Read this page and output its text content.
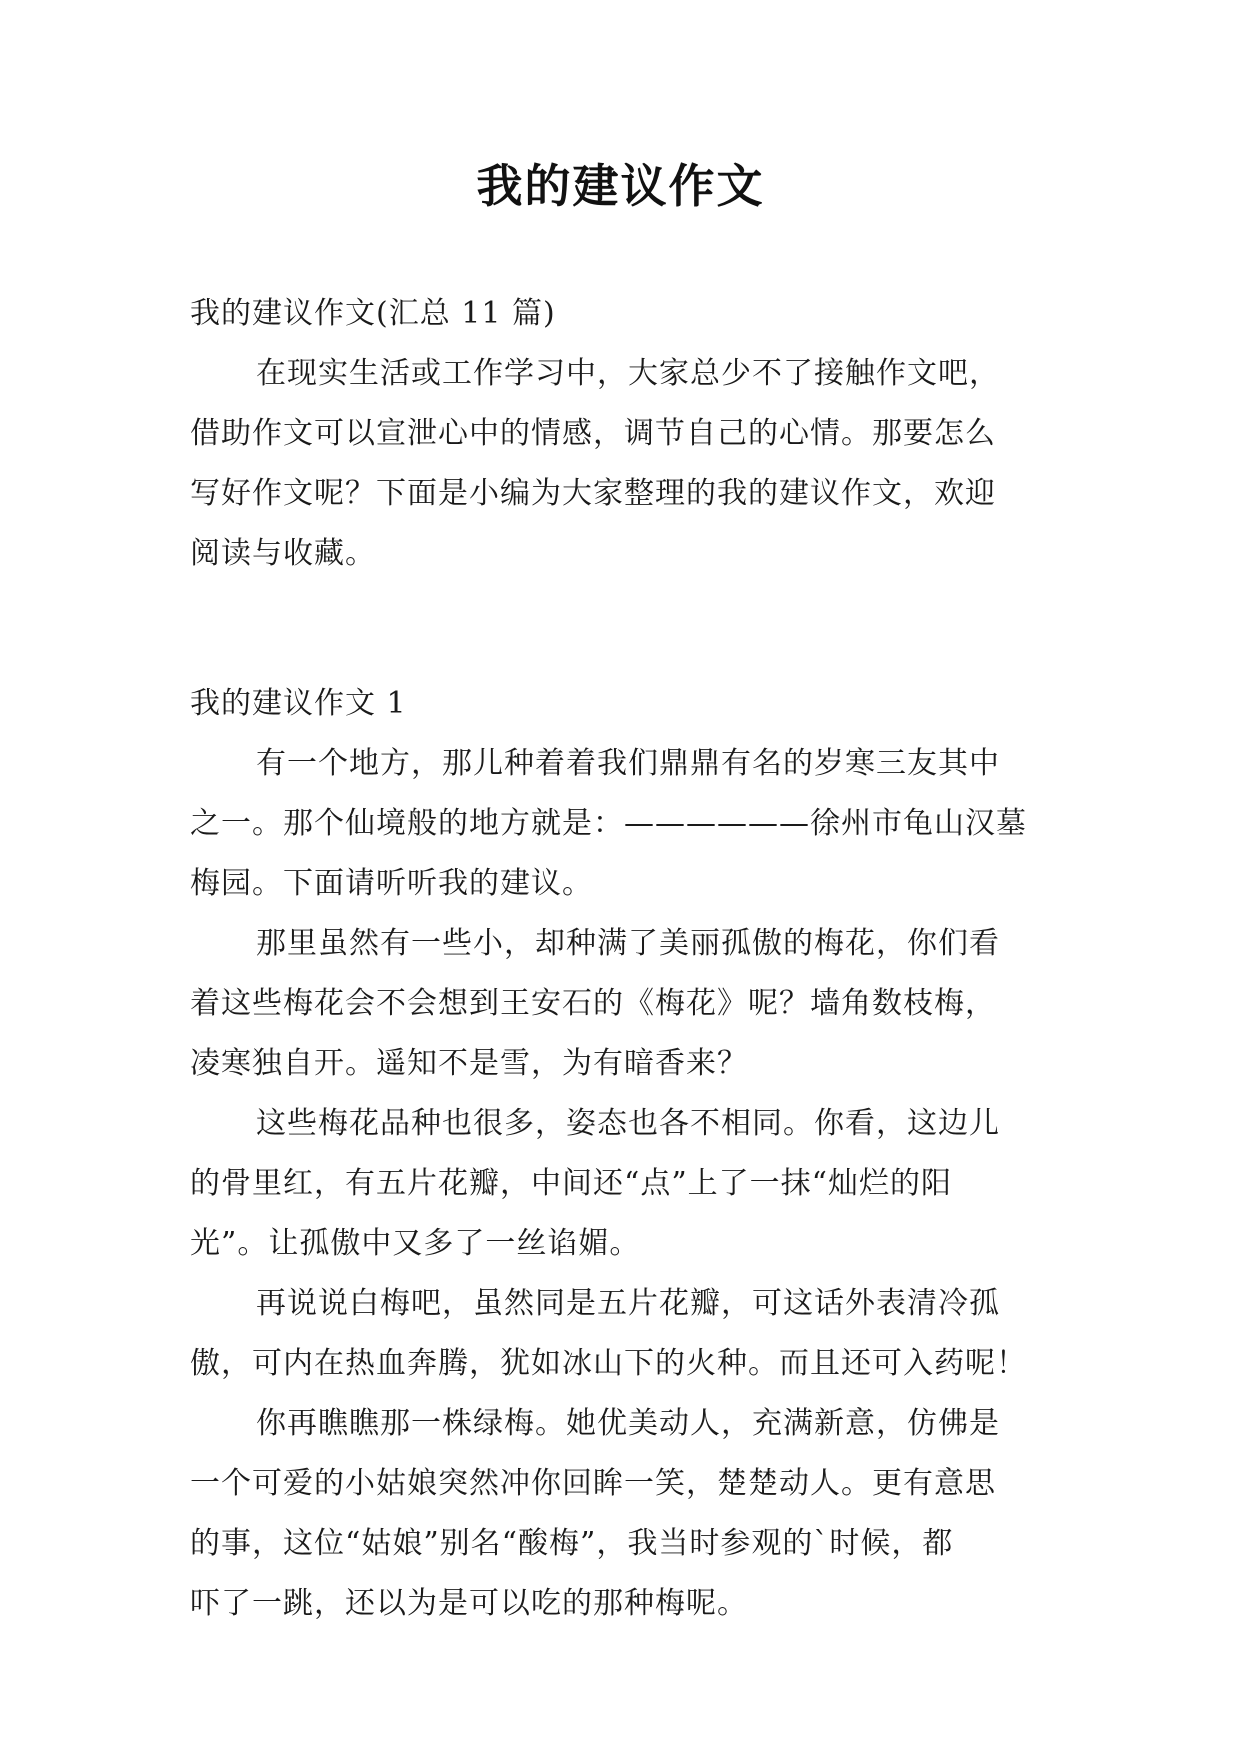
我的建议作文

我的建议作文(汇总 11 篇)

在现实生活或工作学习中，大家总少不了接触作文吧，

借助作文可以宣泄心中的情感，调节自己的心情。那要怎么

写好作文呢？下面是小编为大家整理的我的建议作文，欢迎

阅读与收藏。

我的建议作文 1

有一个地方，那儿种着着我们鼎鼎有名的岁寒三友其中

之一。那个仙境般的地方就是：——————徐州市龟山汉墓

梅园。下面请听听我的建议。

那里虽然有一些小，却种满了美丽孤傲的梅花，你们看

着这些梅花会不会想到王安石的《梅花》呢？墙角数枝梅，

凌寒独自开。遥知不是雪，为有暗香来？

这些梅花品种也很多，姿态也各不相同。你看，这边儿

的骨里红，有五片花瓣，中间还“点”上了一抹“灿烂的阳

光”。让孤傲中又多了一丝谄媚。

再说说白梅吧，虽然同是五片花瓣，可这话外表清冷孤

傲，可内在热血奔腾，犹如冰山下的火种。而且还可入药呢！

你再瞧瞧那一株绿梅。她优美动人，充满新意，仿佛是

一个可爱的小姑娘突然冲你回眸一笑，楚楚动人。更有意思

的事，这位“姑娘”别名“酸梅”，我当时参观的`时候，都

吓了一跳，还以为是可以吃的那种梅呢。
